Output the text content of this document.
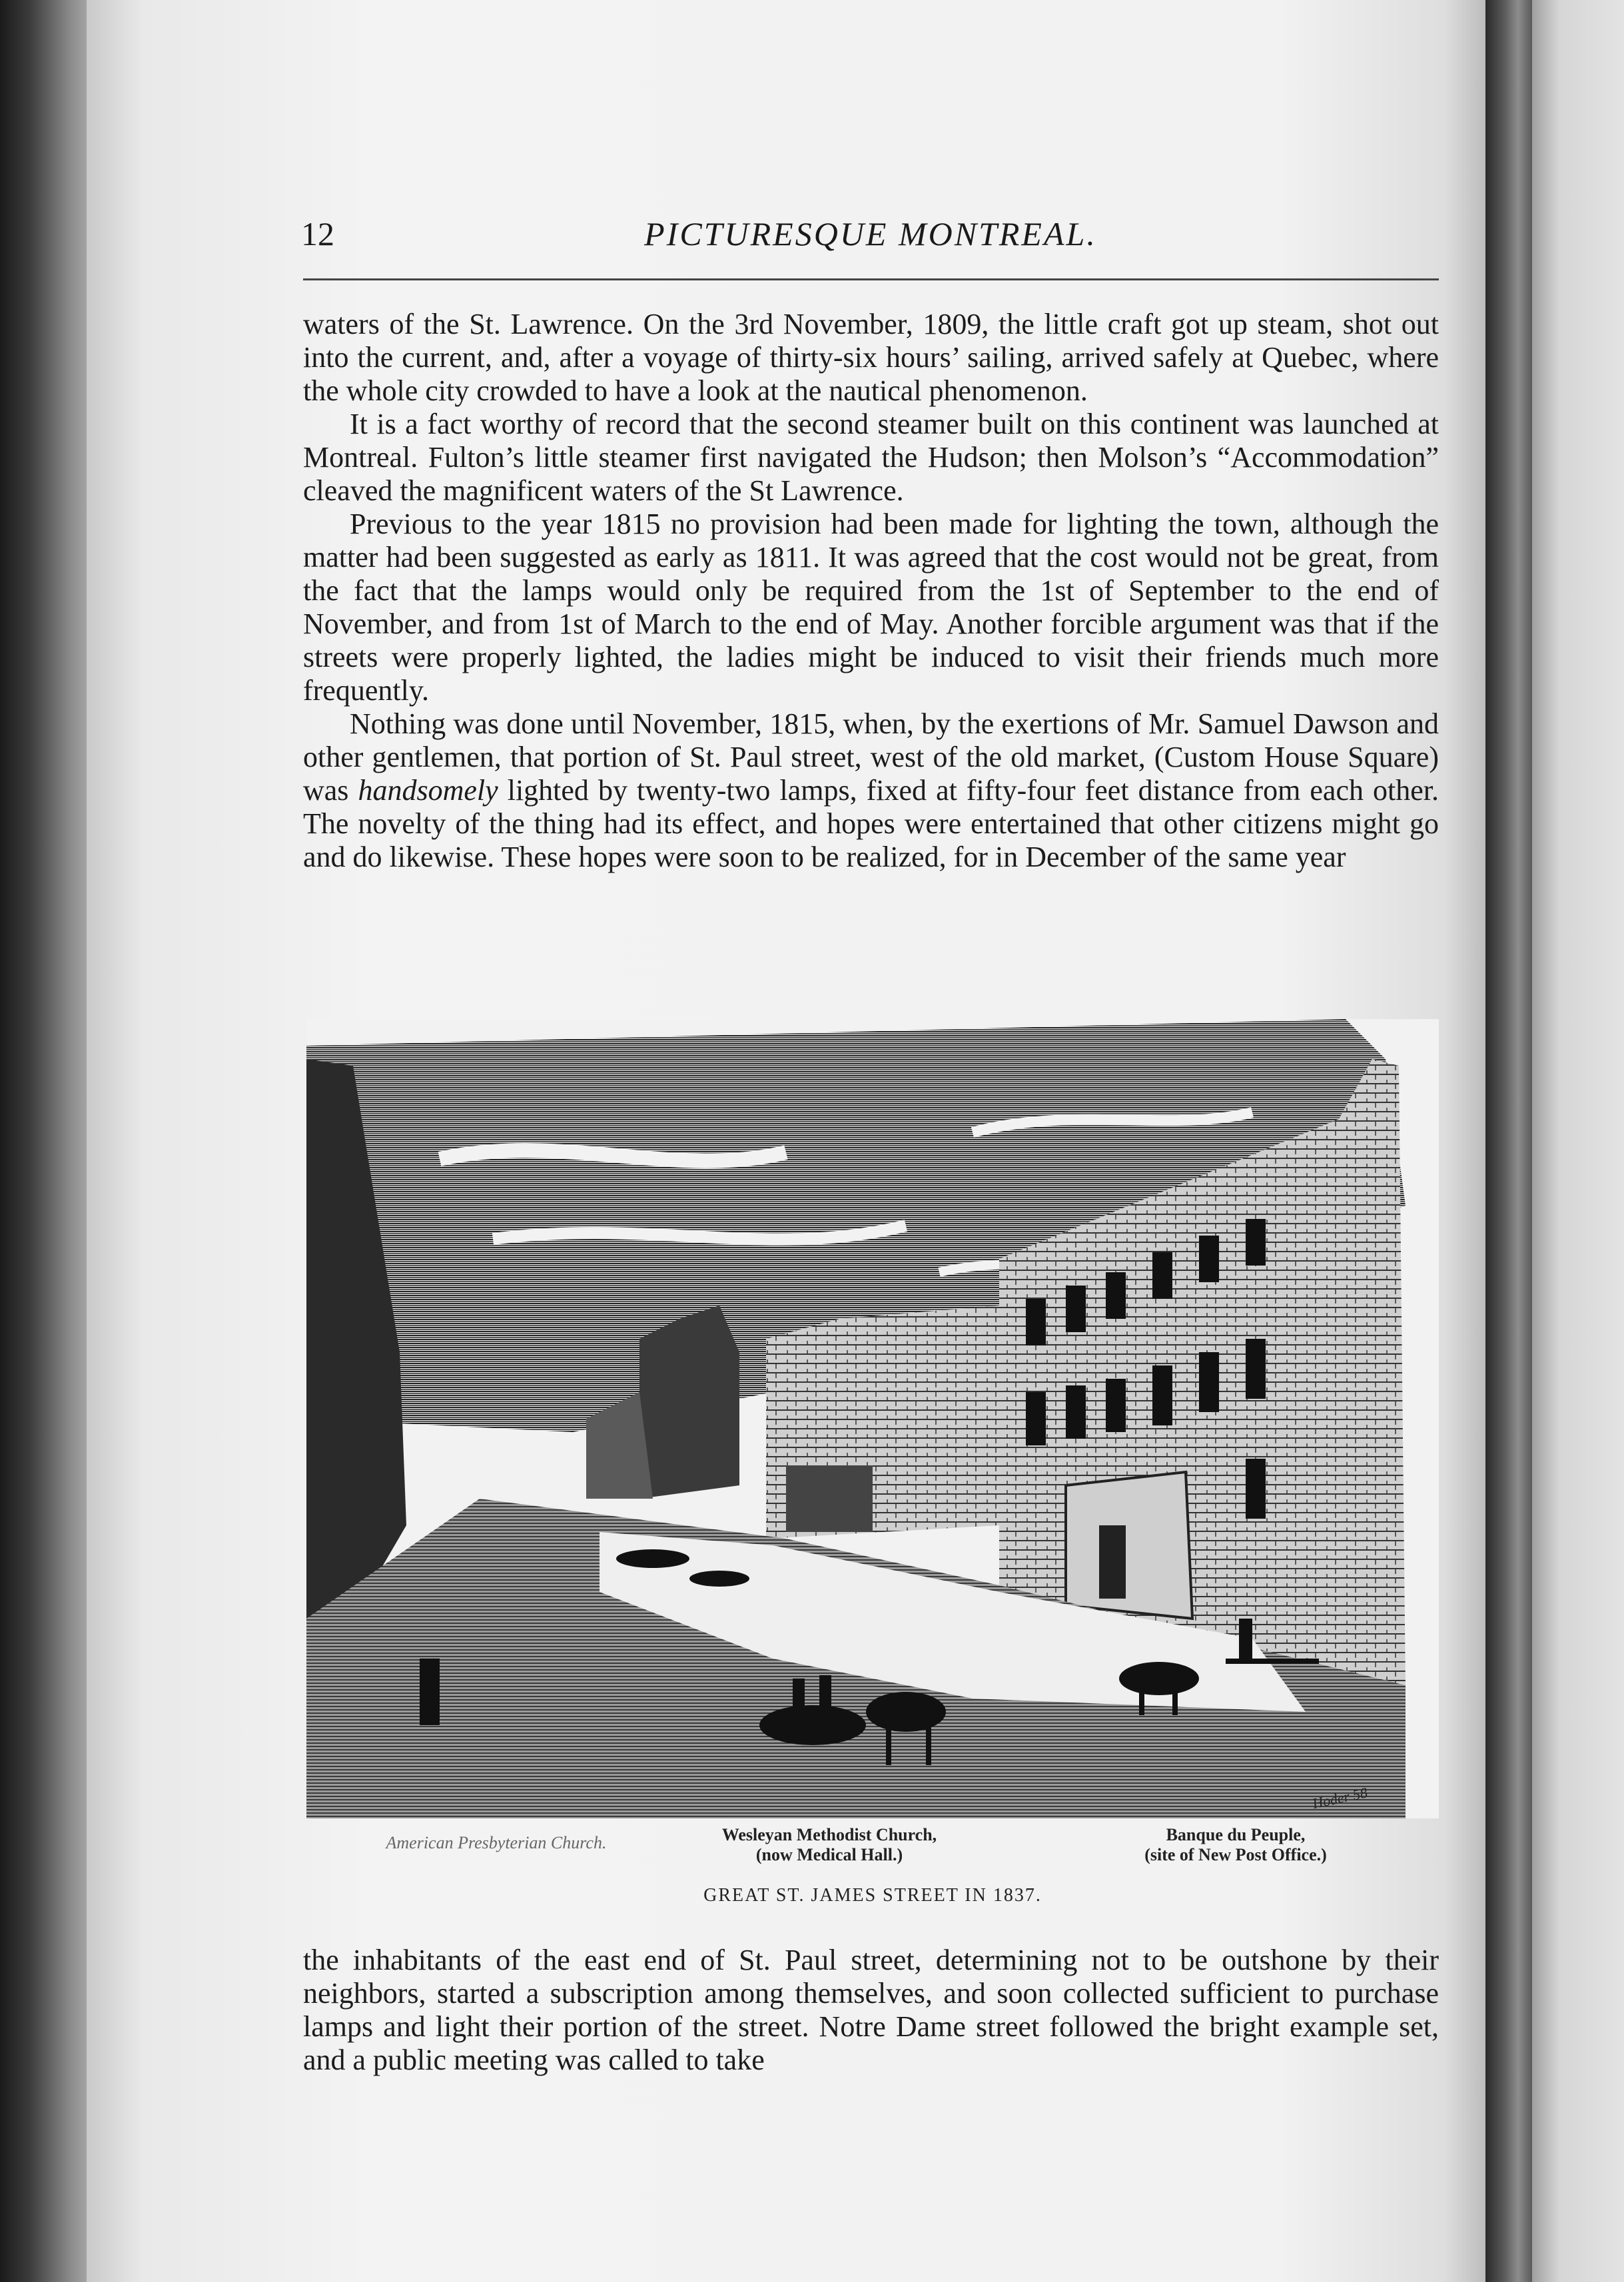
12	PICTURESQUE MONTREAL.

waters of the St. Lawrence. On the 3rd November, 1809, the little craft got up steam, shot out into the current, and, after a voyage of thirty-six hours’ sailing, arrived safely at Quebec, where the whole city crowded to have a look at the nautical phenomenon.

It is a fact worthy of record that the second steamer built on this continent was launched at Montreal. Fulton’s little steamer first navigated the Hudson; then Molson’s “Accommodation” cleaved the magnificent waters of the St Lawrence.

Previous to the year 1815 no provision had been made for lighting the town, although the matter had been suggested as early as 1811. It was agreed that the cost would not be great, from the fact that the lamps would only be required from the 1st of September to the end of November, and from 1st of March to the end of May. Another forcible argument was that if the streets were properly lighted, the ladies might be induced to visit their friends much more frequently.

Nothing was done until November, 1815, when, by the exertions of Mr. Samuel Dawson and other gentlemen, that portion of St. Paul street, west of the old market, (Custom House Square) was handsomely lighted by twenty-two lamps, fixed at fifty-four feet distance from each other. The novelty of the thing had its effect, and hopes were entertained that other citizens might go and do likewise. These hopes were soon to be realized, for in December of the same year

Hoder 58
American Presbyterian Church.	Wesleyan Methodist Church,
(now Medical Hall.)
Banque du Peuple,
(site of New Post Office.)
GREAT ST. JAMES STREET IN 1837.

the inhabitants of the east end of St. Paul street, determining not to be outshone by their neighbors, started a subscription among themselves, and soon collected sufficient to purchase lamps and light their portion of the street. Notre Dame street followed the bright example set, and a public meeting was called to take
